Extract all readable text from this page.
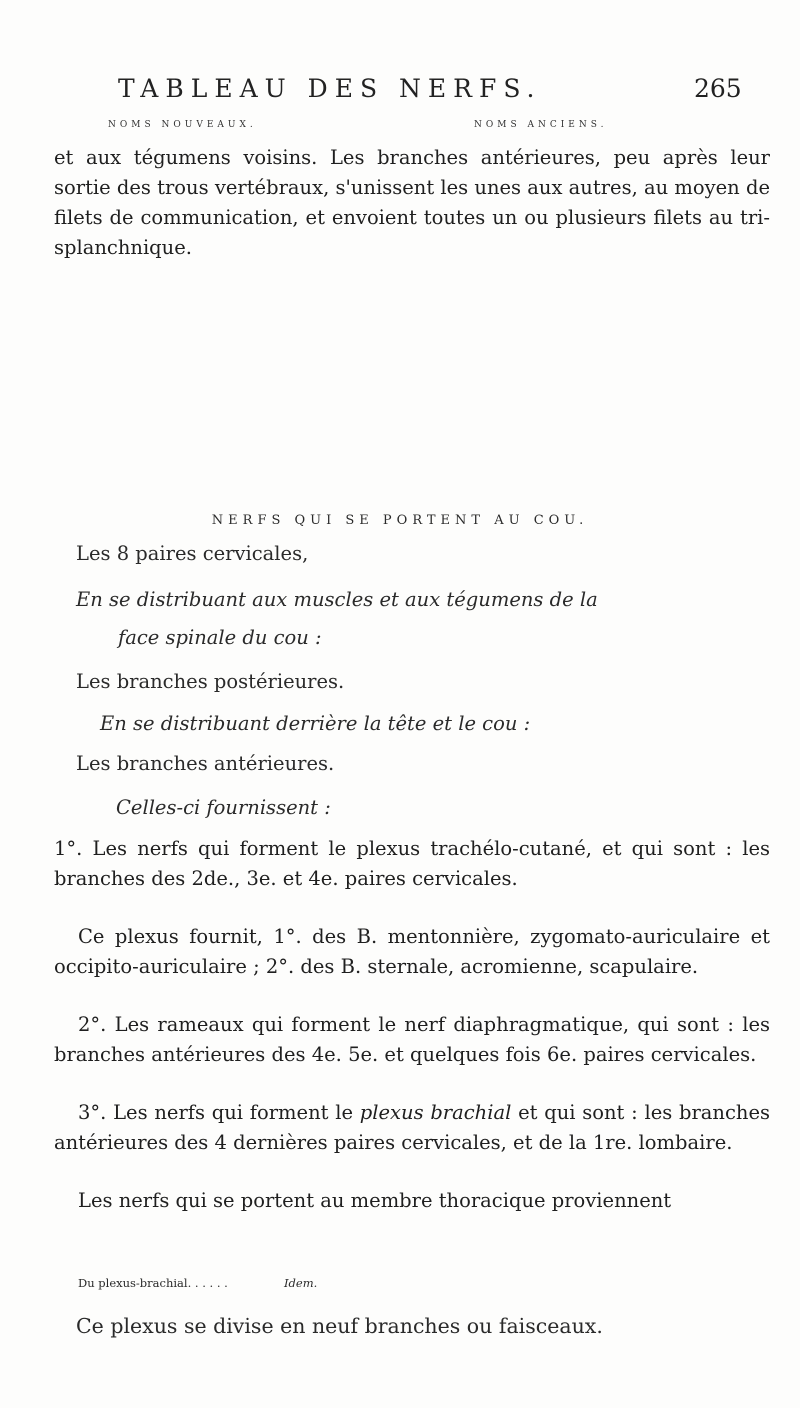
TABLEAU DES NERFS.	265
NOMS NOUVEAUX.	NOMS ANCIENS.
et aux tégumens voisins. Les branches antérieures, peu après leur sortie des trous vertébraux, s'unissent les unes aux autres, au moyen de filets de communication, et envoient toutes un ou plusieurs filets au tri-splanchnique.
NERFS QUI SE PORTENT AU COU.
Les 8 paires cervicales,
En se distribuant aux muscles et aux tégumens de la
face spinale du cou :
Les branches postérieures.
En se distribuant derrière la tête et le cou :
Les branches antérieures.
Celles-ci fournissent :
1°. Les nerfs qui forment le plexus trachélo-cutané, et qui sont : les branches des 2de., 3e. et 4e. paires cervicales.
Ce plexus fournit, 1°. des B. mentonnière, zygomato-auriculaire et occipito-auriculaire ; 2°. des B. sternale, acromienne, scapulaire.
2°. Les rameaux qui forment le nerf diaphragmatique, qui sont : les branches antérieures des 4e. 5e. et quelques fois 6e. paires cervicales.
3°. Les nerfs qui forment le plexus brachial et qui sont : les branches antérieures des 4 dernières paires cervicales, et de la 1re. lombaire.
Les nerfs qui se portent au membre thoracique proviennent
Du plexus-brachial. . . . . .	Idem.
Ce plexus se divise en neuf branches ou faisceaux.
